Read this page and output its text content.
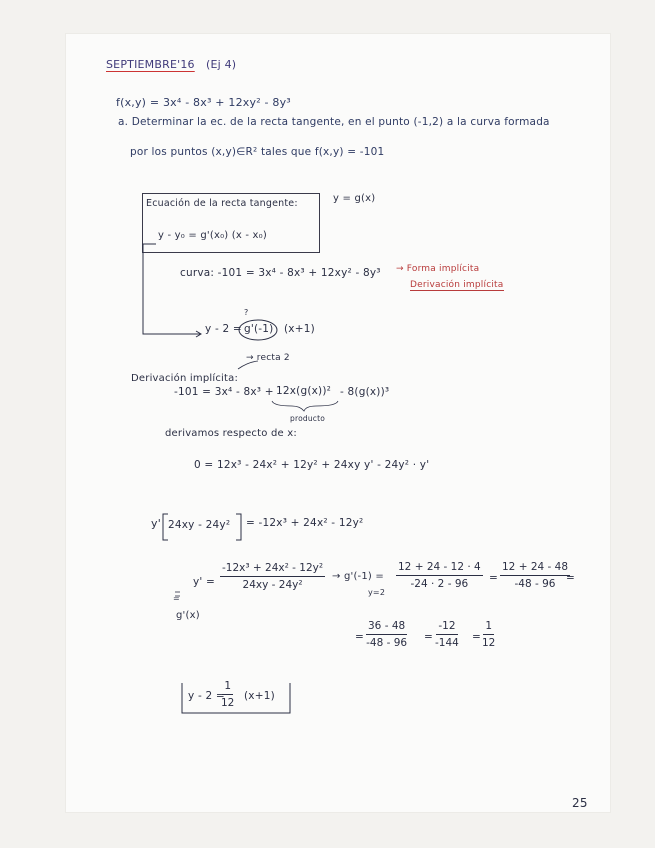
SEPTIEMBRE'16 (Ej 4)
f(x,y) = 3x⁴ - 8x³ + 12xy² - 8y³
a. Determinar la ec. de la recta tangente, en el punto (-1,2) a la curva formada
por los puntos (x,y)∈R² tales que f(x,y) = -101
Ecuación de la recta tangente:	y = g(x)
y - y₀ = g'(x₀) (x - x₀)
curva: -101 = 3x⁴ - 8x³ + 12xy² - 8y³ → Forma implícita
Derivación implícita
?
y - 2 = g'(-1) (x+1)
→ recta 2
Derivación implícita:
-101 = 3x⁴ - 8x³ + 12x(g(x))² - 8(g(x))³
producto
derivamos respecto de x:
0 = 12x³ - 24x² + 12y² + 24xy y' - 24y² · y'
y' 24xy - 24y² = -12x³ + 24x² - 12y²
$y' = \frac{\text{-12x³ + 24x² - 12y²}}{\text{24xy - 24y²}}$
=
g'(x)
→ g'(-1) =
y=2
$\frac{12 + 24 - 12 \cdot 4}{-24 \cdot 2 - 96} = \frac{12 + 24 - 48}{-48 - 96}$
=
= $\frac{36 - 48}{-48 - 96} = \frac{-12}{-144} = \frac{1}{12}$
y - 2 =
$\frac{1}{12} (x+1)$
25
